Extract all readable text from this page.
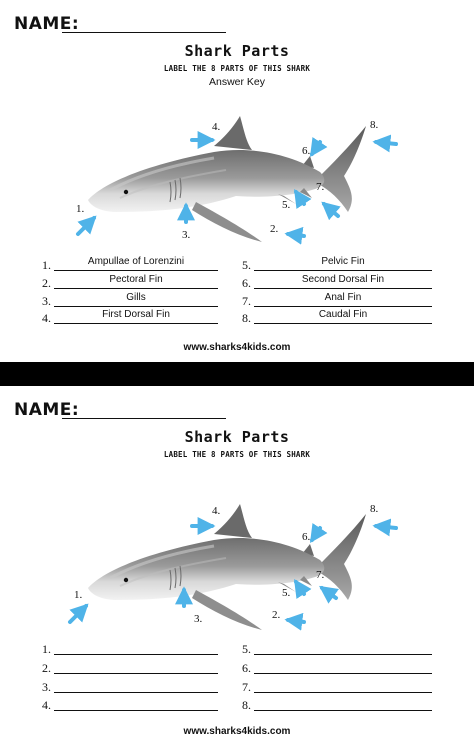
NAME:
Shark Parts
LABEL THE 8 PARTS OF THIS SHARK
Answer Key
4.
6.
8.
1.
3.
5.
7.
2.
1.	Ampullae of Lorenzini
2.	Pectoral Fin
3.	Gills
4.	First Dorsal Fin
5.	Pelvic Fin
6.	Second Dorsal Fin
7.	Anal Fin
8.	Caudal Fin
www.sharks4kids.com
NAME:
Shark Parts
LABEL THE 8 PARTS OF THIS SHARK
4.
6.
8.
1.
3.
5.
7.
2.
1.
2.
3.
4.
5.
6.
7.
8.
www.sharks4kids.com
